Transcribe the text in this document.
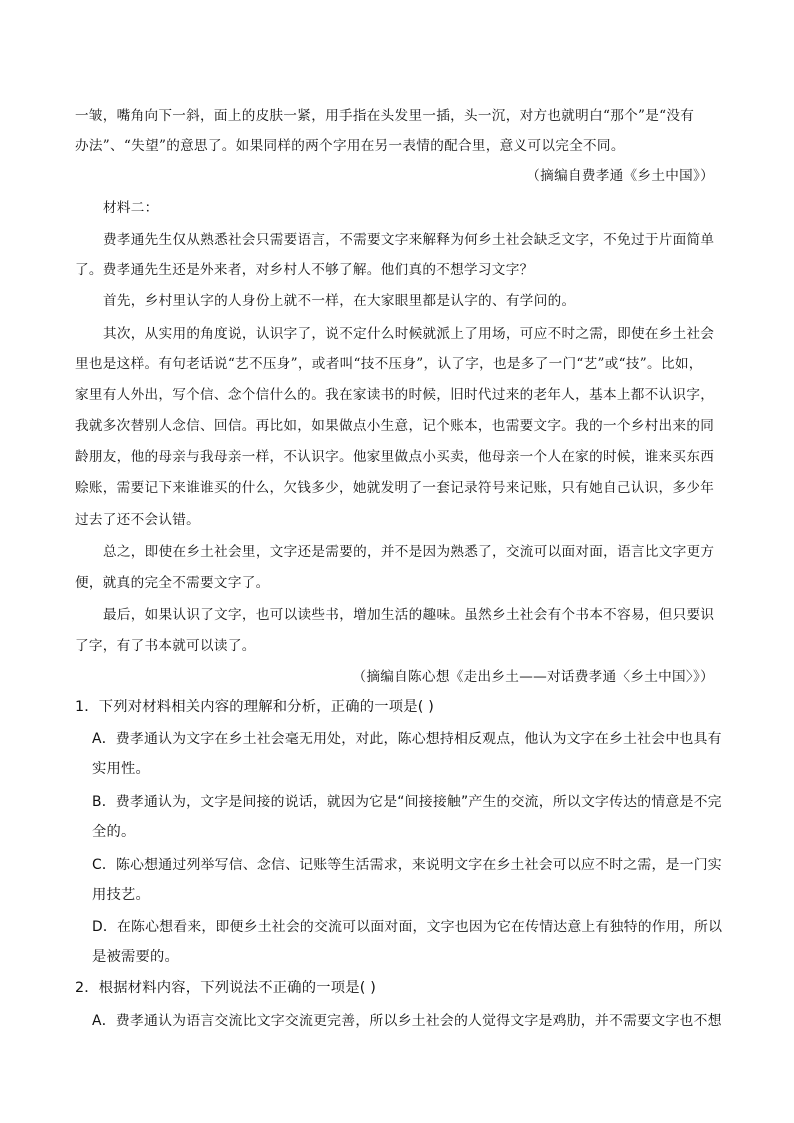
一皱，嘴角向下一斜，面上的皮肤一紧，用手指在头发里一插，头一沉，对方也就明白“那个”是“没有
办法”、“失望”的意思了。如果同样的两个字用在另一表情的配合里，意义可以完全不同。
（摘编自费孝通《乡土中国》）
材料二：
费孝通先生仅从熟悉社会只需要语言，不需要文字来解释为何乡土社会缺乏文字，不免过于片面简单
了。费孝通先生还是外来者，对乡村人不够了解。他们真的不想学习文字？
首先，乡村里认字的人身份上就不一样，在大家眼里都是认字的、有学问的。
其次，从实用的角度说，认识字了，说不定什么时候就派上了用场，可应不时之需，即使在乡土社会
里也是这样。有句老话说“艺不压身”，或者叫“技不压身”，认了字，也是多了一门“艺”或“技”。比如，
家里有人外出，写个信、念个信什么的。我在家读书的时候，旧时代过来的老年人，基本上都不认识字，
我就多次替别人念信、回信。再比如，如果做点小生意，记个账本，也需要文字。我的一个乡村出来的同
龄朋友，他的母亲与我母亲一样，不认识字。他家里做点小买卖，他母亲一个人在家的时候，谁来买东西
赊账，需要记下来谁谁买的什么，欠钱多少，她就发明了一套记录符号来记账，只有她自己认识，多少年
过去了还不会认错。
总之，即使在乡土社会里，文字还是需要的，并不是因为熟悉了，交流可以面对面，语言比文字更方
便，就真的完全不需要文字了。
最后，如果认识了文字，也可以读些书，增加生活的趣味。虽然乡土社会有个书本不容易，但只要识
了字，有了书本就可以读了。
（摘编自陈心想《走出乡土——对话费孝通〈乡土中国〉》）
1．下列对材料相关内容的理解和分析，正确的一项是( )
A．费孝通认为文字在乡土社会毫无用处，对此，陈心想持相反观点，他认为文字在乡土社会中也具有
实用性。
B．费孝通认为，文字是间接的说话，就因为它是“间接接触”产生的交流，所以文字传达的情意是不完
全的。
C．陈心想通过列举写信、念信、记账等生活需求，来说明文字在乡土社会可以应不时之需，是一门实
用技艺。
D．在陈心想看来，即便乡土社会的交流可以面对面，文字也因为它在传情达意上有独特的作用，所以
是被需要的。
2．根据材料内容，下列说法不正确的一项是( )
A．费孝通认为语言交流比文字交流更完善，所以乡土社会的人觉得文字是鸡肋，并不需要文字也不想
